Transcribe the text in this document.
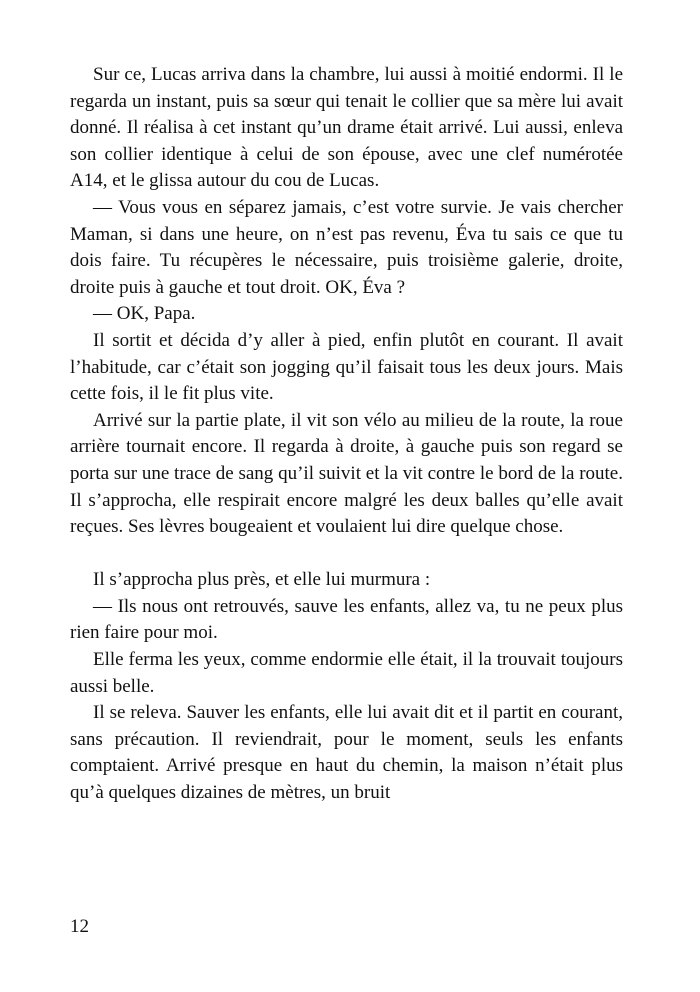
Sur ce, Lucas arriva dans la chambre, lui aussi à moitié endormi. Il le regarda un instant, puis sa sœur qui tenait le collier que sa mère lui avait donné. Il réalisa à cet instant qu’un drame était arrivé. Lui aussi, enleva son collier identique à celui de son épouse, avec une clef numérotée A14, et le glissa autour du cou de Lucas.

— Vous vous en séparez jamais, c’est votre survie. Je vais chercher Maman, si dans une heure, on n’est pas revenu, Éva tu sais ce que tu dois faire. Tu récupères le nécessaire, puis troisième galerie, droite, droite puis à gauche et tout droit. OK, Éva ?

— OK, Papa.

Il sortit et décida d’y aller à pied, enfin plutôt en courant. Il avait l’habitude, car c’était son jogging qu’il faisait tous les deux jours. Mais cette fois, il le fit plus vite.

Arrivé sur la partie plate, il vit son vélo au milieu de la route, la roue arrière tournait encore. Il regarda à droite, à gauche puis son regard se porta sur une trace de sang qu’il suivit et la vit contre le bord de la route. Il s’approcha, elle respirait encore malgré les deux balles qu’elle avait reçues. Ses lèvres bougeaient et voulaient lui dire quelque chose.

Il s’approcha plus près, et elle lui murmura :

— Ils nous ont retrouvés, sauve les enfants, allez va, tu ne peux plus rien faire pour moi.

Elle ferma les yeux, comme endormie elle était, il la trouvait toujours aussi belle.

Il se releva. Sauver les enfants, elle lui avait dit et il partit en courant, sans précaution. Il reviendrait, pour le moment, seuls les enfants comptaient. Arrivé presque en haut du chemin, la maison n’était plus qu’à quelques dizaines de mètres, un bruit

12
